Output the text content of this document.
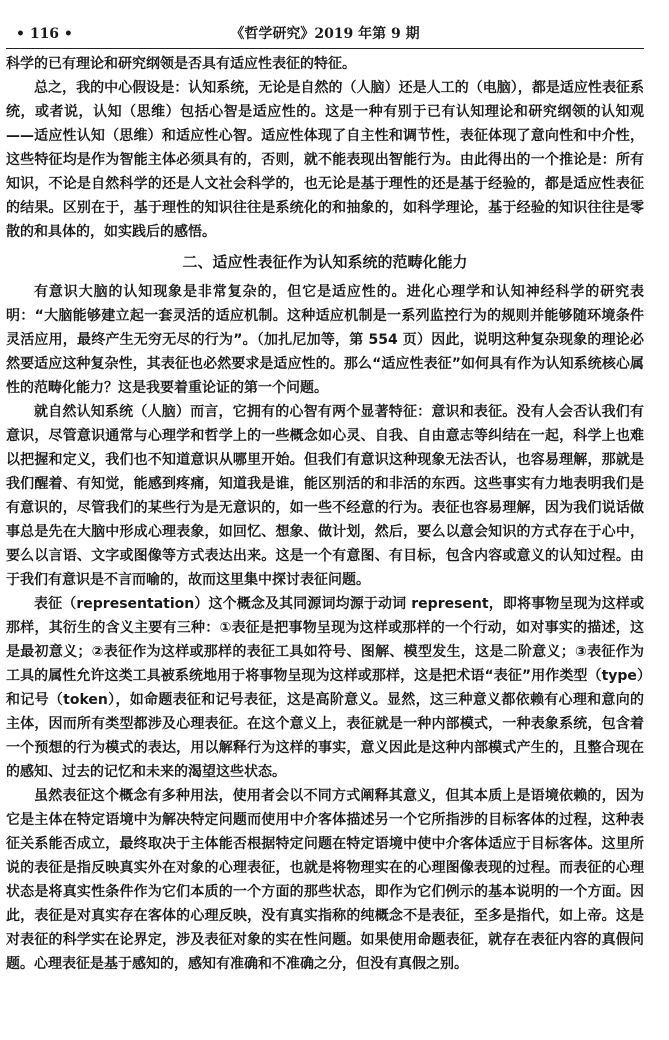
• 116 •	《哲学研究》2019 年第 9 期

科学的已有理论和研究纲领是否具有适应性表征的特征。

总之，我的中心假设是：认知系统，无论是自然的（人脑）还是人工的（电脑），都是适应性表征系统，或者说，认知（思维）包括心智是适应性的。这是一种有别于已有认知理论和研究纲领的认知观——适应性认知（思维）和适应性心智。适应性体现了自主性和调节性，表征体现了意向性和中介性，这些特征均是作为智能主体必须具有的，否则，就不能表现出智能行为。由此得出的一个推论是：所有知识，不论是自然科学的还是人文社会科学的，也无论是基于理性的还是基于经验的，都是适应性表征的结果。区别在于，基于理性的知识往往是系统化的和抽象的，如科学理论，基于经验的知识往往是零散的和具体的，如实践后的感悟。

二、适应性表征作为认知系统的范畴化能力

有意识大脑的认知现象是非常复杂的，但它是适应性的。进化心理学和认知神经科学的研究表明：“大脑能够建立起一套灵活的适应机制。这种适应机制是一系列监控行为的规则并能够随环境条件灵活应用，最终产生无穷无尽的行为”。（加扎尼加等，第 554 页）因此，说明这种复杂现象的理论必然要适应这种复杂性，其表征也必然要求是适应性的。那么“适应性表征”如何具有作为认知系统核心属性的范畴化能力？这是我要着重论证的第一个问题。

就自然认知系统（人脑）而言，它拥有的心智有两个显著特征：意识和表征。没有人会否认我们有意识，尽管意识通常与心理学和哲学上的一些概念如心灵、自我、自由意志等纠结在一起，科学上也难以把握和定义，我们也不知道意识从哪里开始。但我们有意识这种现象无法否认，也容易理解，那就是我们醒着、有知觉，能感到疼痛，知道我是谁，能区别活的和非活的东西。这些事实有力地表明我们是有意识的，尽管我们的某些行为是无意识的，如一些不经意的行为。表征也容易理解，因为我们说话做事总是先在大脑中形成心理表象，如回忆、想象、做计划，然后，要么以意会知识的方式存在于心中，要么以言语、文字或图像等方式表达出来。这是一个有意图、有目标，包含内容或意义的认知过程。由于我们有意识是不言而喻的，故而这里集中探讨表征问题。

表征（representation）这个概念及其同源词均源于动词 represent，即将事物呈现为这样或那样，其衍生的含义主要有三种：①表征是把事物呈现为这样或那样的一个行动，如对事实的描述，这是最初意义；②表征作为这样或那样的表征工具如符号、图解、模型发生，这是二阶意义；③表征作为工具的属性允许这类工具被系统地用于将事物呈现为这样或那样，这是把术语“表征”用作类型（type）和记号（token），如命题表征和记号表征，这是高阶意义。显然，这三种意义都依赖有心理和意向的主体，因而所有类型都涉及心理表征。在这个意义上，表征就是一种内部模式，一种表象系统，包含着一个预想的行为模式的表达，用以解释行为这样的事实，意义因此是这种内部模式产生的，且整合现在的感知、过去的记忆和未来的渴望这些状态。

虽然表征这个概念有多种用法，使用者会以不同方式阐释其意义，但其本质上是语境依赖的，因为它是主体在特定语境中为解决特定问题而使用中介客体描述另一个它所指涉的目标客体的过程，这种表征关系能否成立，最终取决于主体能否根据特定问题在特定语境中使中介客体适应于目标客体。这里所说的表征是指反映真实外在对象的心理表征，也就是将物理实在的心理图像表现的过程。而表征的心理状态是将真实性条件作为它们本质的一个方面的那些状态，即作为它们例示的基本说明的一个方面。因此，表征是对真实存在客体的心理反映，没有真实指称的纯概念不是表征，至多是指代，如上帝。这是对表征的科学实在论界定，涉及表征对象的实在性问题。如果使用命题表征，就存在表征内容的真假问题。心理表征是基于感知的，感知有准确和不准确之分，但没有真假之别。
